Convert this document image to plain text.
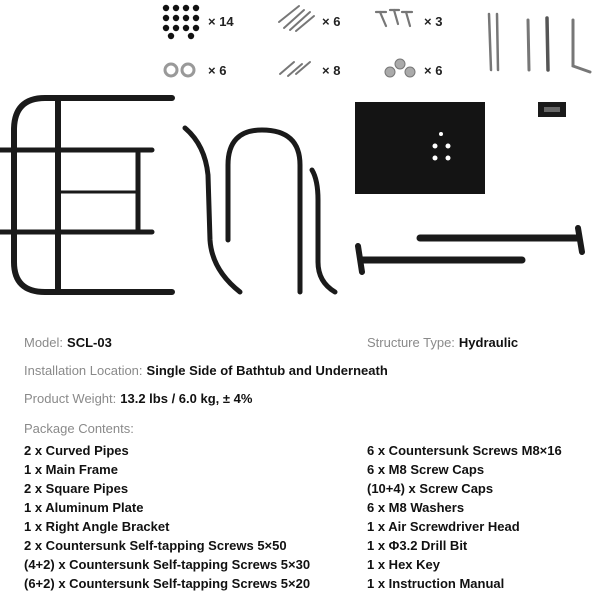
× 14	× 6	× 3
× 6	× 8	× 6
Model: SCL-03	Structure Type: Hydraulic
Installation Location: Single Side of Bathtub and Underneath
Product Weight: 13.2 lbs / 6.0 kg, ± 4%
Package Contents:
2 x Curved Pipes
1 x Main Frame
2 x Square Pipes
1 x Aluminum Plate
1 x Right Angle Bracket
2 x Countersunk Self-tapping Screws 5×50
(4+2) x Countersunk Self-tapping Screws 5×30
(6+2) x Countersunk Self-tapping Screws 5×20
6 x Countersunk Screws M8×16
6 x M8 Screw Caps
(10+4) x Screw Caps
6 x M8 Washers
1 x Air Screwdriver Head
1 x Φ3.2 Drill Bit
1 x Hex Key
1 x Instruction Manual
